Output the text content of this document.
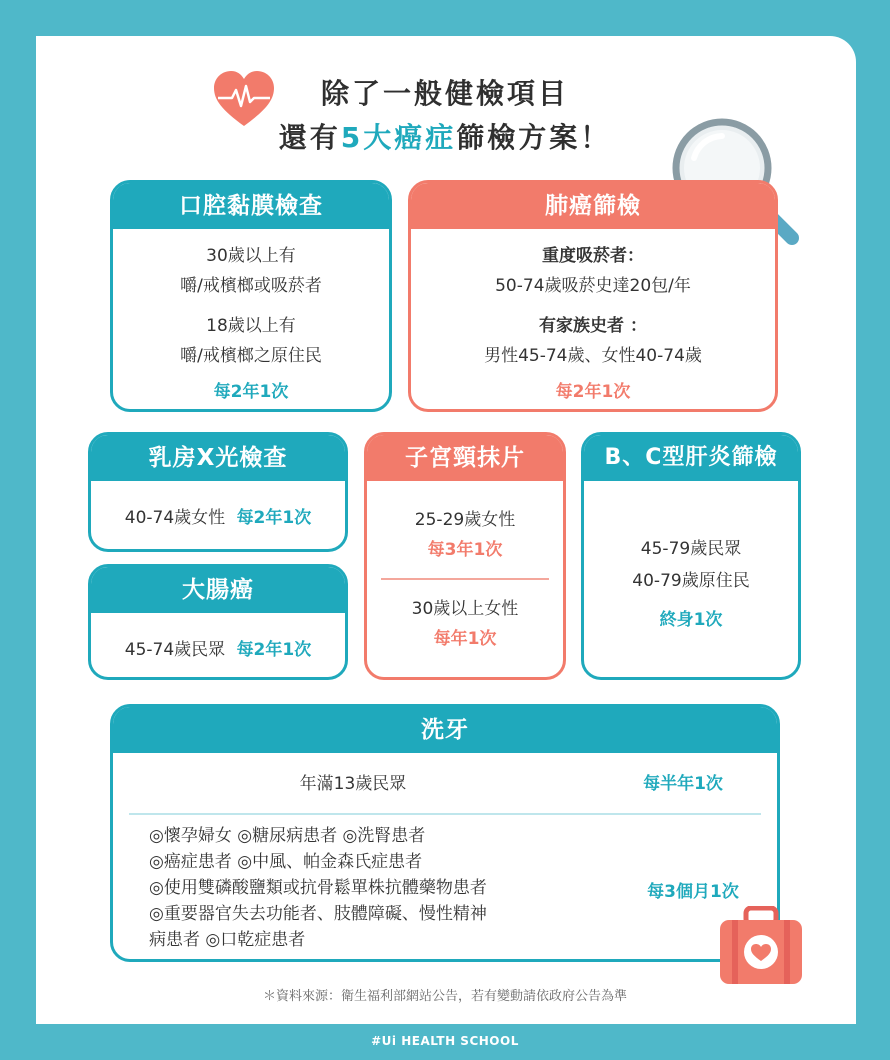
除了一般健檢項目
還有5大癌症篩檢方案！
口腔黏膜檢查
30歲以上有
嚼/戒檳榔或吸菸者
18歲以上有
嚼/戒檳榔之原住民
每2年1次
肺癌篩檢
重度吸菸者：
50-74歲吸菸史達20包/年
有家族史者 ：
男性45-74歲、女性40-74歲
每2年1次
乳房X光檢查
40-74歲女性 每2年1次
大腸癌
45-74歲民眾 每2年1次
子宮頸抹片
25-29歲女性
每3年1次
30歲以上女性
每年1次
B、C型肝炎篩檢
45-79歲民眾
40-79歲原住民
終身1次
洗牙
年滿13歲民眾	每半年1次
◎懷孕婦女 ◎糖尿病患者 ◎洗腎患者
◎癌症患者 ◎中風、帕金森氏症患者
◎使用雙磷酸鹽類或抗骨鬆單株抗體藥物患者
◎重要器官失去功能者、肢體障礙、慢性精神
病患者 ◎口乾症患者
每3個月1次
＊資料來源：衛生福利部網站公告，若有變動請依政府公告為準
#Ui HEALTH SCHOOL
